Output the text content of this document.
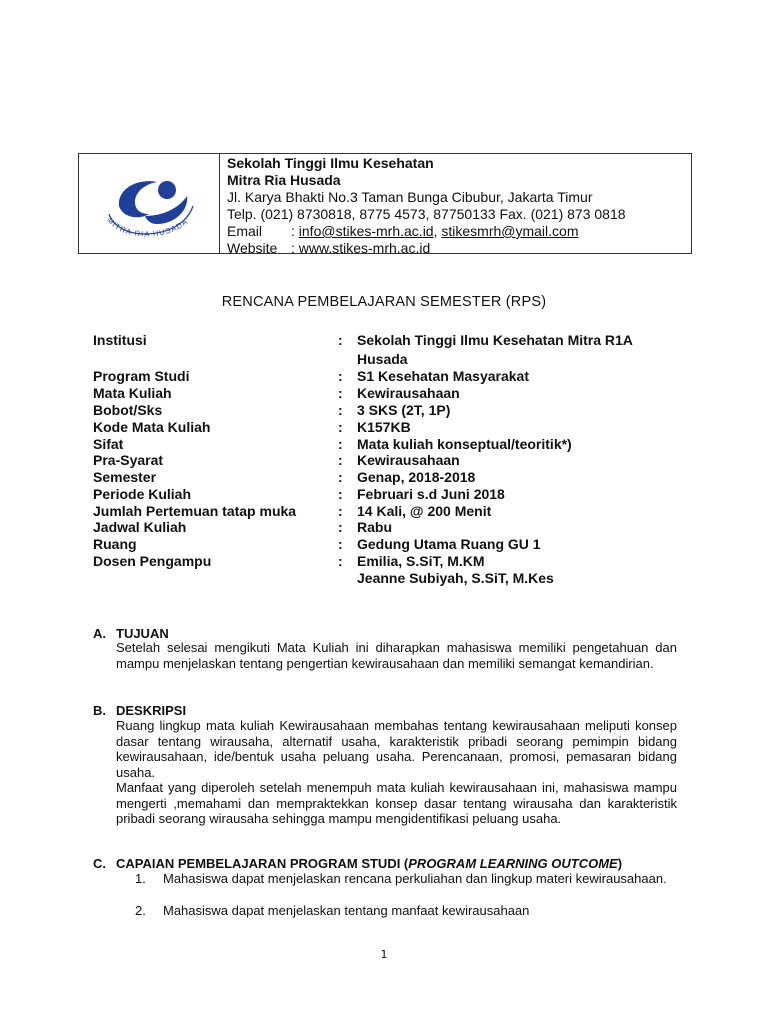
MITRA RIA HUSADA
Sekolah Tinggi Ilmu Kesehatan
Mitra Ria Husada
Jl. Karya Bhakti No.3 Taman Bunga Cibubur, Jakarta Timur
Telp. (021) 8730818, 8775 4573, 87750133 Fax. (021) 873 0818
Email : info@stikes-mrh.ac.id, stikesmrh@ymail.com
Website : www.stikes-mrh.ac.id
RENCANA PEMBELAJARAN SEMESTER (RPS)
Institusi	: Sekolah Tinggi Ilmu Kesehatan Mitra R1A
Husada
Program Studi	: S1 Kesehatan Masyarakat
Mata Kuliah	: Kewirausahaan
Bobot/Sks	: 3 SKS (2T, 1P)
Kode Mata Kuliah	: K157KB
Sifat	: Mata kuliah konseptual/teoritik*)
Pra-Syarat	: Kewirausahaan
Semester	: Genap, 2018-2018
Periode Kuliah	: Februari s.d Juni 2018
Jumlah Pertemuan tatap muka	: 14 Kali, @ 200 Menit
Jadwal Kuliah	: Rabu
Ruang	: Gedung Utama Ruang GU 1
Dosen Pengampu	: Emilia, S.SiT, M.KM
Jeanne Subiyah, S.SiT, M.Kes
A. TUJUAN
Setelah selesai mengikuti Mata Kuliah ini diharapkan mahasiswa memiliki pengetahuan dan mampu menjelaskan tentang pengertian kewirausahaan dan memiliki semangat kemandirian.
B. DESKRIPSI
Ruang lingkup mata kuliah Kewirausahaan membahas tentang kewirausahaan meliputi konsep dasar tentang wirausaha, alternatif usaha, karakteristik pribadi seorang pemimpin bidang kewirausahaan, ide/bentuk usaha peluang usaha. Perencanaan, promosi, pemasaran bidang usaha.
Manfaat yang diperoleh setelah menempuh mata kuliah kewirausahaan ini, mahasiswa mampu mengerti ,memahami dan mempraktekkan konsep dasar tentang wirausaha dan karakteristik pribadi seorang wirausaha sehingga mampu mengidentifikasi peluang usaha.
C. CAPAIAN PEMBELAJARAN PROGRAM STUDI (PROGRAM LEARNING OUTCOME)
1. Mahasiswa dapat menjelaskan rencana perkuliahan dan lingkup materi kewirausahaan.
2. Mahasiswa dapat menjelaskan tentang manfaat kewirausahaan
1
